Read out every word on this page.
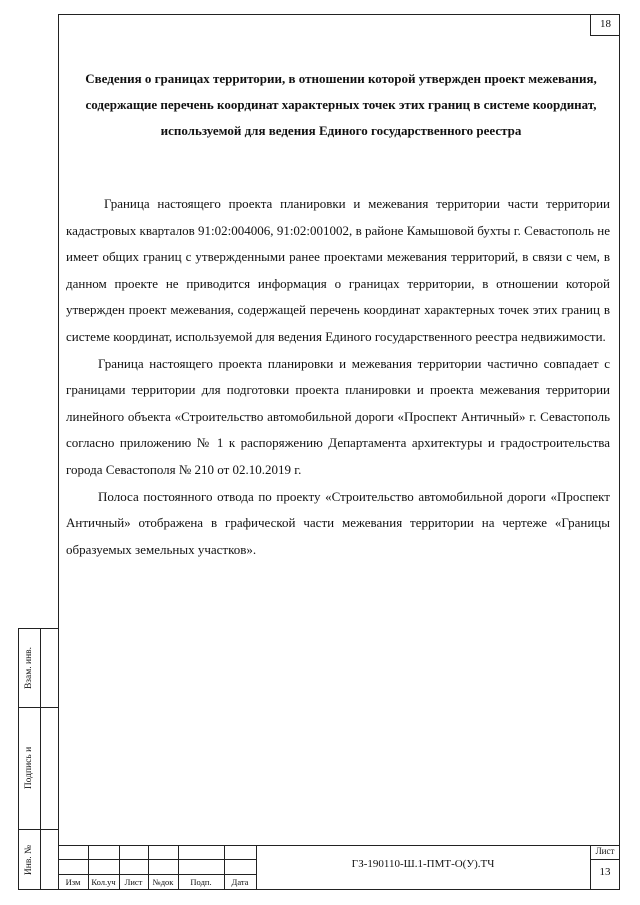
18
Сведения о границах территории, в отношении которой утвержден проект межевания, содержащие перечень координат характерных точек этих границ в системе координат, используемой для ведения Единого государственного реестра

Граница настоящего проекта планировки и межевания территории части территории кадастровых кварталов 91:02:004006, 91:02:001002, в районе Камышовой бухты г. Севастополь не имеет общих границ с утвержденными ранее проектами межевания территорий, в связи с чем, в данном проекте не приводится информация о границах территории, в отношении которой утвержден проект межевания, содержащей перечень координат характерных точек этих границ в системе координат, используемой для ведения Единого государственного реестра недвижимости.

Граница настоящего проекта планировки и межевания территории частично совпадает с границами территории для подготовки проекта планировки и проекта межевания территории линейного объекта «Строительство автомобильной дороги «Проспект Античный» г. Севастополь согласно приложению № 1 к распоряжению Департамента архитектуры и градостроительства города Севастополя № 210 от 02.10.2019 г.

Полоса постоянного отвода по проекту «Строительство автомобильной дороги «Проспект Античный» отображена в графической части межевания территории на чертеже «Границы образуемых земельных участков».

Взам. инв.
Подпись и
Инв. №
Изм	Кол.уч	Лист	№док	Подп.	Дата
ГЗ-190110-Ш.1-ПМТ-О(У).ТЧ
Лист
13
